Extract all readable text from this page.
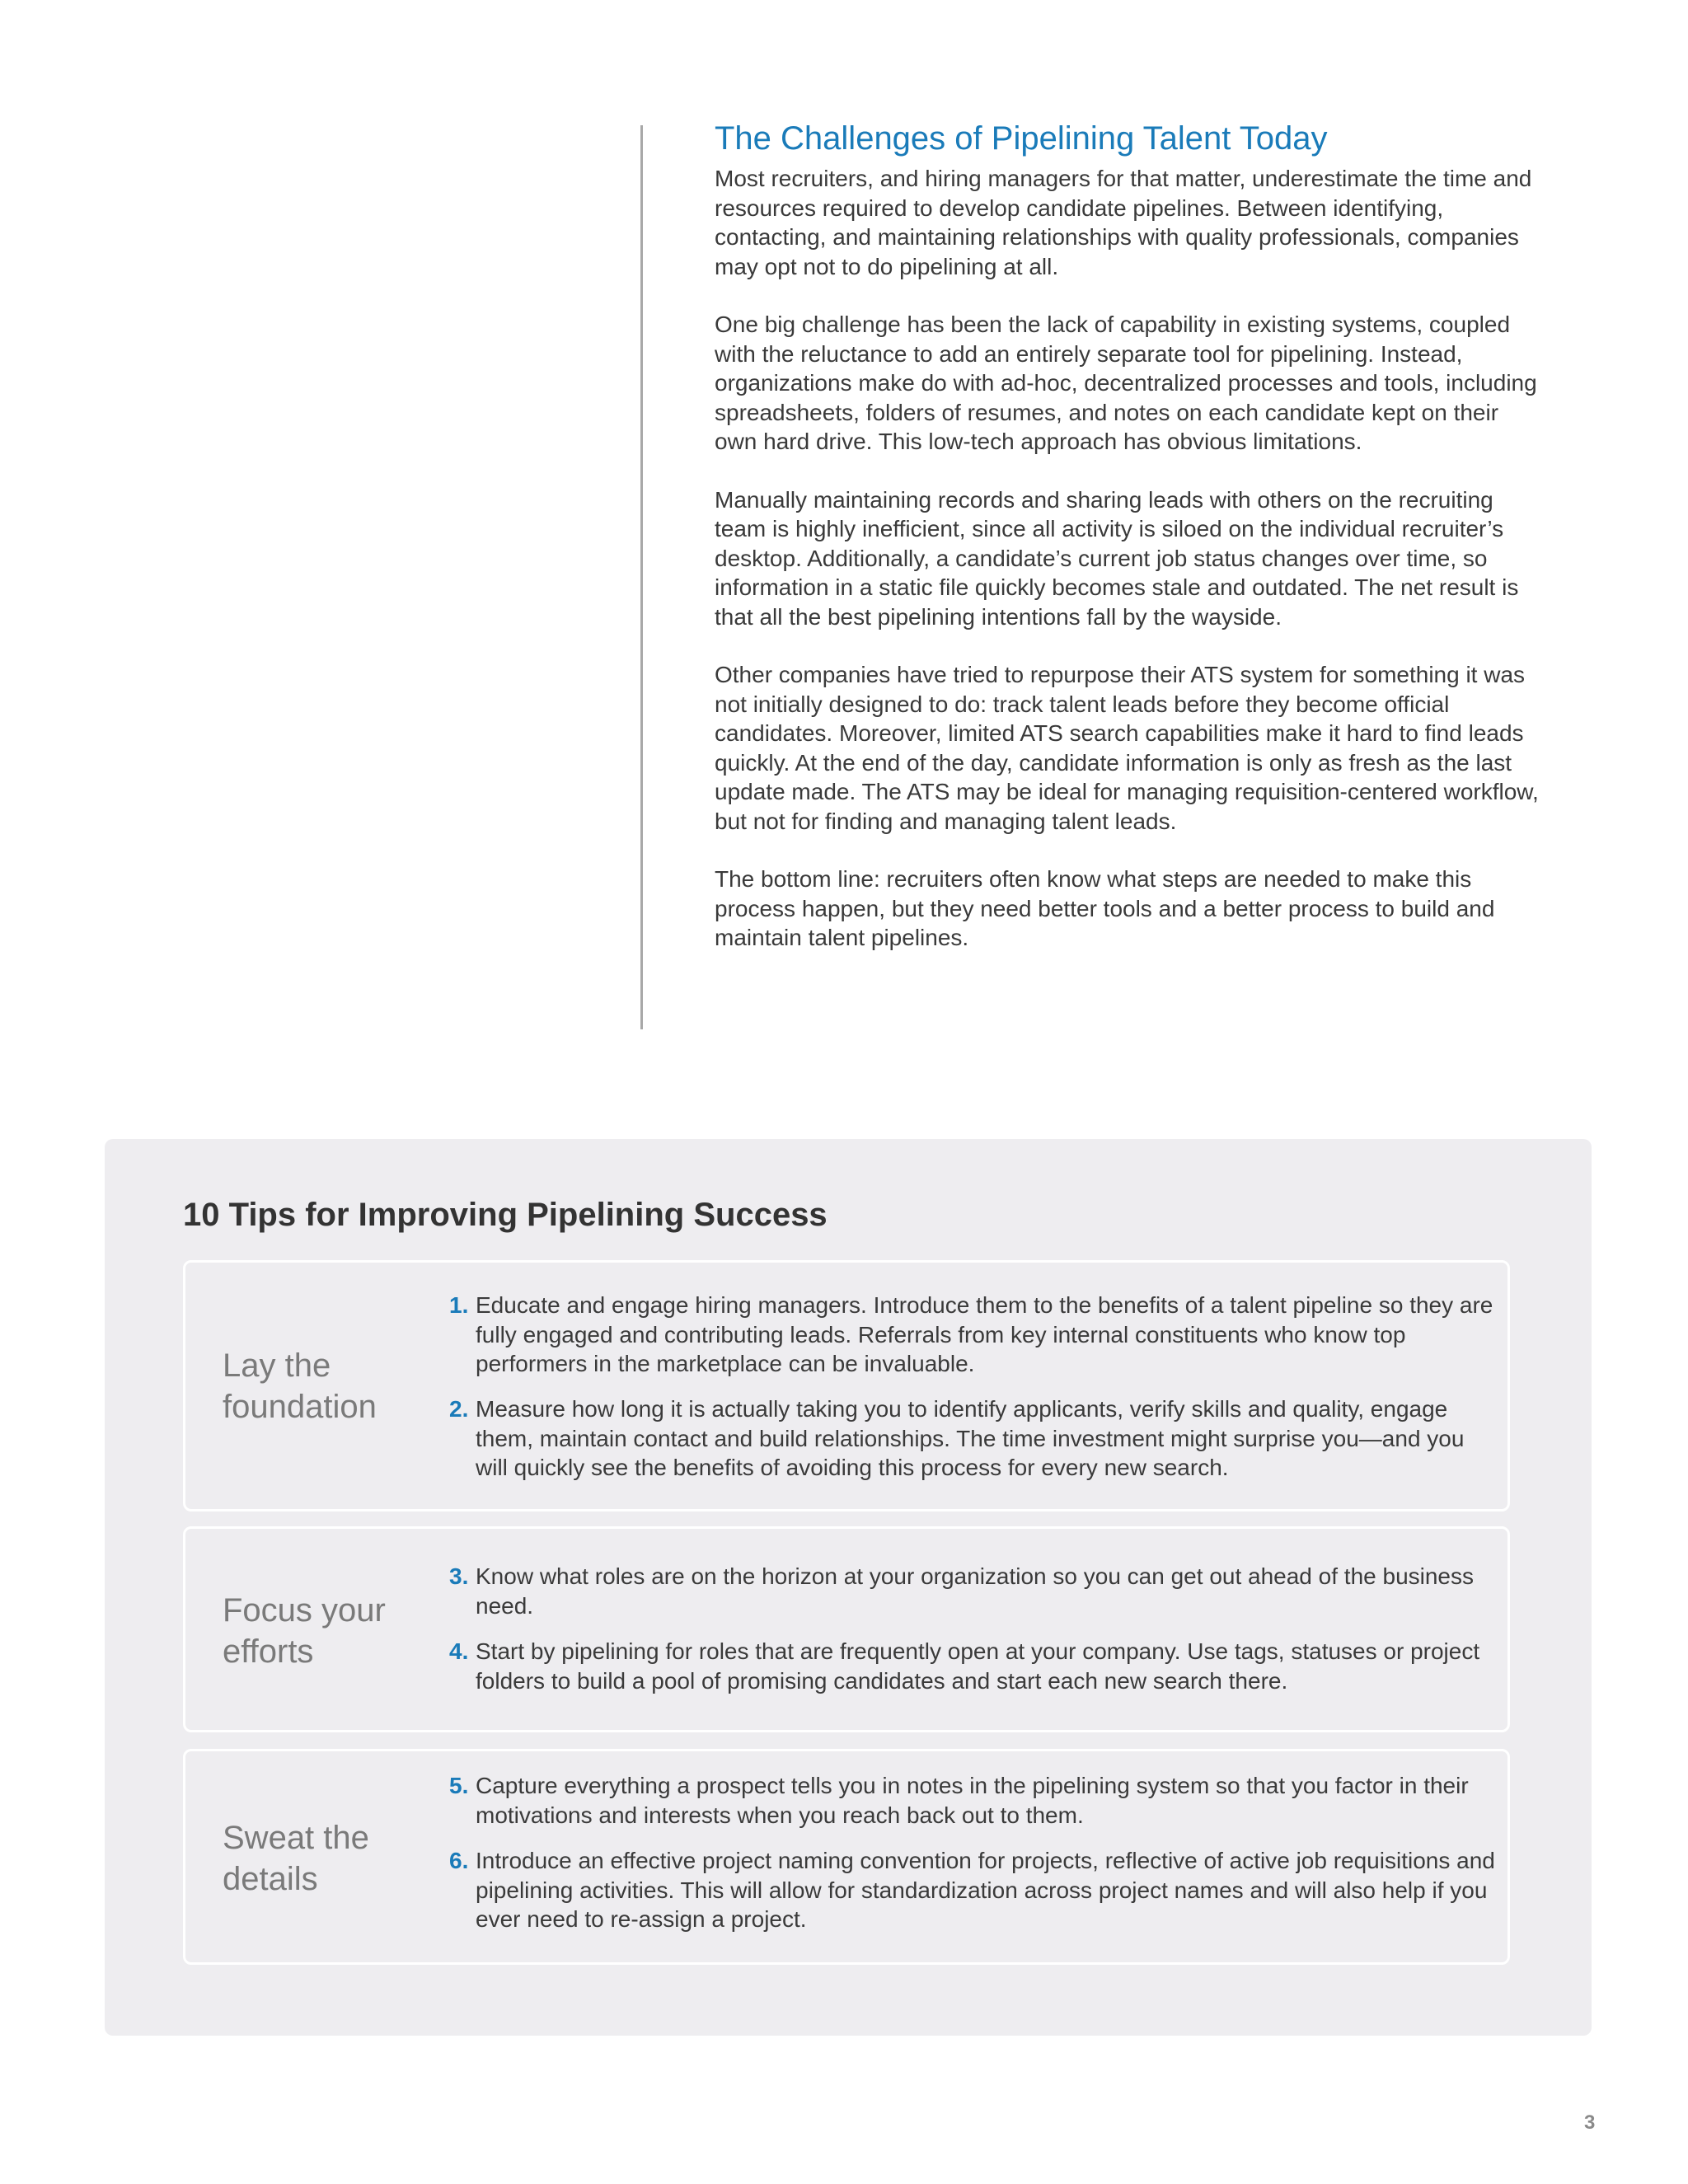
The Challenges of Pipelining Talent Today

Most recruiters, and hiring managers for that matter, underestimate the time and resources required to develop candidate pipelines. Between identifying, contacting, and maintaining relationships with quality professionals, companies may opt not to do pipelining at all.

One big challenge has been the lack of capability in existing systems, coupled with the reluctance to add an entirely separate tool for pipelining. Instead, organizations make do with ad-hoc, decentralized processes and tools, including spreadsheets, folders of resumes, and notes on each candidate kept on their own hard drive. This low-tech approach has obvious limitations.

Manually maintaining records and sharing leads with others on the recruiting team is highly inefficient, since all activity is siloed on the individual recruiter’s desktop. Additionally, a candidate’s current job status changes over time, so information in a static file quickly becomes stale and outdated. The net result is that all the best pipelining intentions fall by the wayside.

Other companies have tried to repurpose their ATS system for something it was not initially designed to do: track talent leads before they become official candidates. Moreover, limited ATS search capabilities make it hard to find leads quickly. At the end of the day, candidate information is only as fresh as the last update made. The ATS may be ideal for managing requisition-centered workflow, but not for finding and managing talent leads.

The bottom line: recruiters often know what steps are needed to make this process happen, but they need better tools and a better process to build and maintain talent pipelines.

10 Tips for Improving Pipelining Success
Lay the foundation
1. Educate and engage hiring managers. Introduce them to the benefits of a talent pipeline so they are fully engaged and contributing leads. Referrals from key internal constituents who know top performers in the marketplace can be invaluable.
2. Measure how long it is actually taking you to identify applicants, verify skills and quality, engage them, maintain contact and build relationships. The time investment might surprise you—and you will quickly see the benefits of avoiding this process for every new search.
Focus your efforts
3. Know what roles are on the horizon at your organization so you can get out ahead of the business need.
4. Start by pipelining for roles that are frequently open at your company. Use tags, statuses or project folders to build a pool of promising candidates and start each new search there.
Sweat the details
5. Capture everything a prospect tells you in notes in the pipelining system so that you factor in their motivations and interests when you reach back out to them.
6. Introduce an effective project naming convention for projects, reflective of active job requisitions and pipelining activities. This will allow for standardization across project names and will also help if you ever need to re-assign a project.
3
